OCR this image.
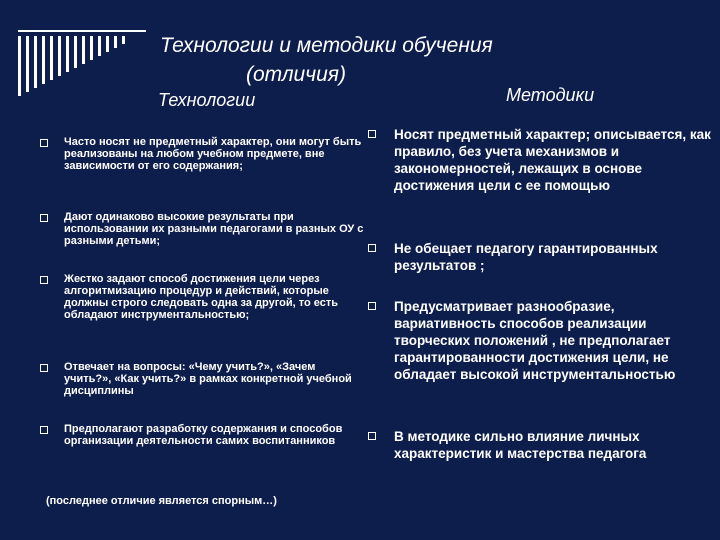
Технологии и методики обучения
(отличия)
Технологии	Методики
Часто носят не предметный характер, они могут быть реализованы на любом учебном предмете, вне зависимости от его содержания;
Дают одинаково высокие результаты при использовании их разными педагогами в разных ОУ с разными детьми;
Жестко задают способ достижения цели через алгоритмизацию процедур и действий, которые должны строго следовать одна за другой, то есть обладают инструментальностью;
Отвечает на вопросы: «Чему учить?», «Зачем учить?», «Как учить?» в рамках конкретной учебной дисциплины
Предполагают разработку содержания и способов организации деятельности самих воспитанников
Носят предметный характер; описывается, как правило, без учета механизмов и закономерностей, лежащих в основе достижения цели с ее помощью
Не обещает педагогу гарантированных результатов ;
Предусматривает разнообразие, вариативность способов реализации творческих положений , не предполагает гарантированности достижения цели, не обладает высокой инструментальностью
В методике сильно влияние личных характеристик и мастерства педагога
(последнее отличие является спорным…)
